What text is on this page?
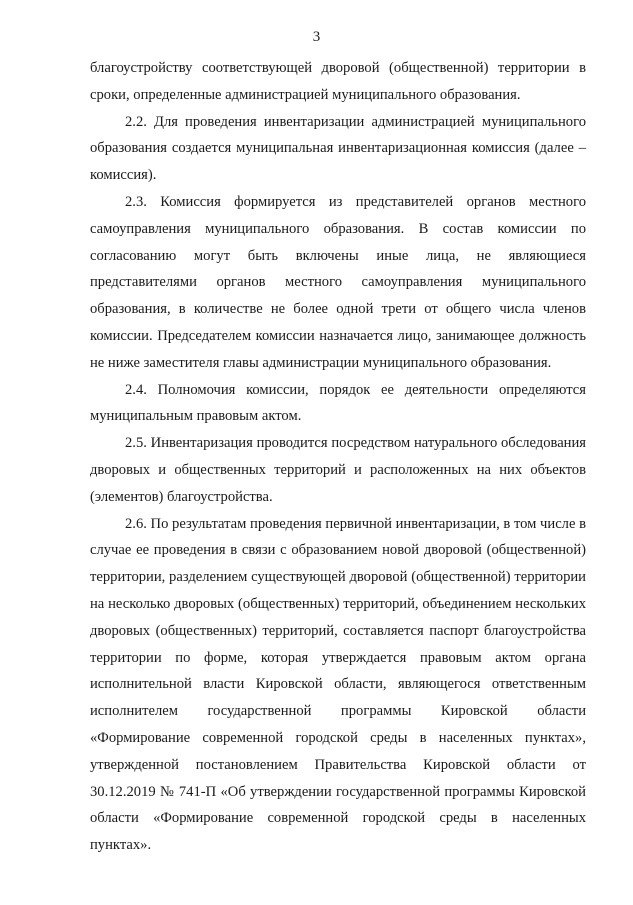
3

благоустройству соответствующей дворовой (общественной) территории в сроки, определенные администрацией муниципального образования.

2.2. Для проведения инвентаризации администрацией муниципального образования создается муниципальная инвентаризационная комиссия (далее – комиссия).

2.3. Комиссия формируется из представителей органов местного самоуправления муниципального образования. В состав комиссии по согласованию могут быть включены иные лица, не являющиеся представителями органов местного самоуправления муниципального образования, в количестве не более одной трети от общего числа членов комиссии. Председателем комиссии назначается лицо, занимающее должность не ниже заместителя главы администрации муниципального образования.

2.4. Полномочия комиссии, порядок ее деятельности определяются муниципальным правовым актом.

2.5. Инвентаризация проводится посредством натурального обследования дворовых и общественных территорий и расположенных на них объектов (элементов) благоустройства.

2.6. По результатам проведения первичной инвентаризации, в том числе в случае ее проведения в связи с образованием новой дворовой (общественной) территории, разделением существующей дворовой (общественной) территории на несколько дворовых (общественных) территорий, объединением нескольких дворовых (общественных) территорий, составляется паспорт благоустройства территории по форме, которая утверждается правовым актом органа исполнительной власти Кировской области, являющегося ответственным исполнителем государственной программы Кировской области «Формирование современной городской среды в населенных пунктах», утвержденной постановлением Правительства Кировской области от 30.12.2019 № 741-П «Об утверждении государственной программы Кировской области «Формирование современной городской среды в населенных пунктах».
